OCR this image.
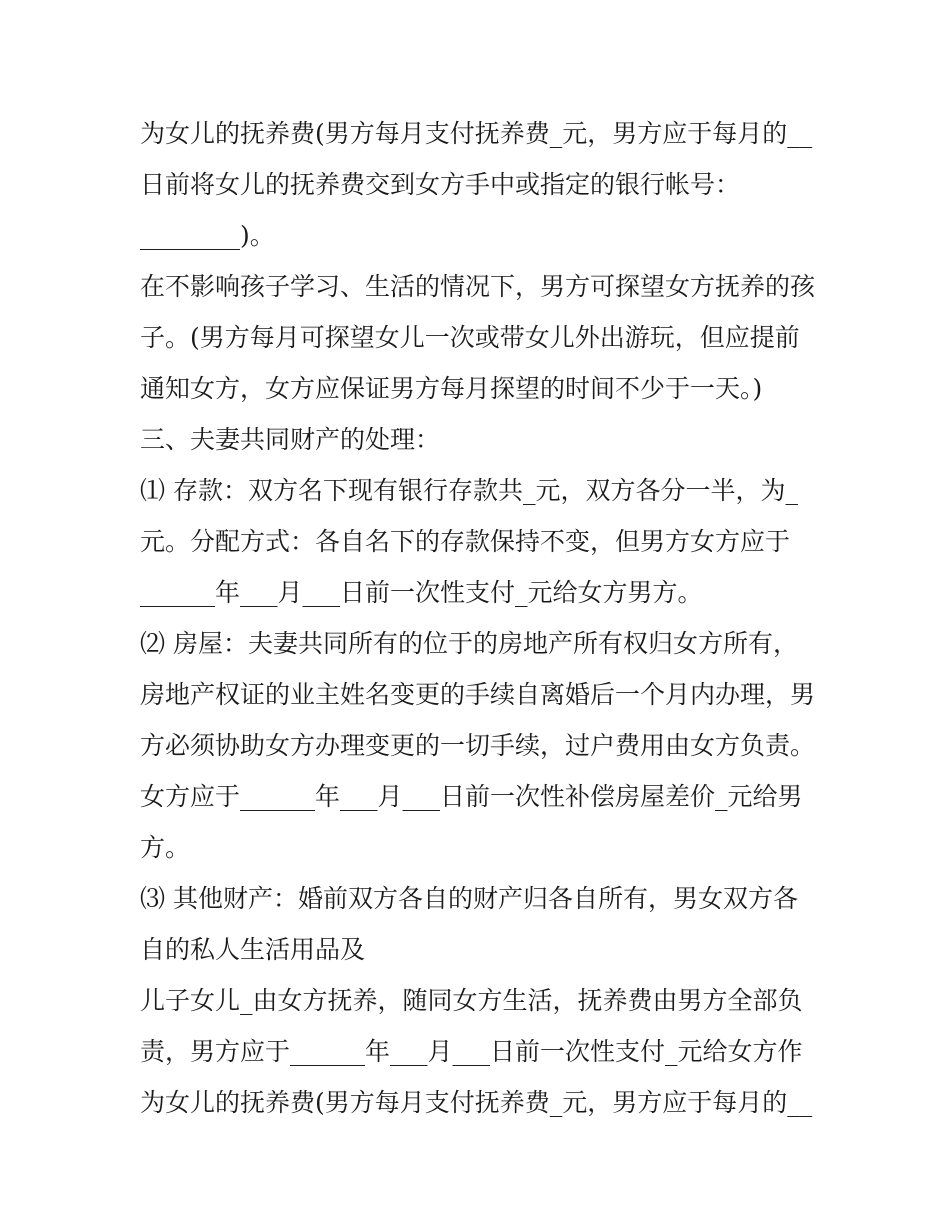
为女儿的抚养费(男方每月支付抚养费_元，男方应于每月的__
日前将女儿的抚养费交到女方手中或指定的银行帐号：
________)。
在不影响孩子学习、生活的情况下，男方可探望女方抚养的孩
子。(男方每月可探望女儿一次或带女儿外出游玩，但应提前
通知女方，女方应保证男方每月探望的时间不少于一天。)
三、夫妻共同财产的处理：
⑴ 存款：双方名下现有银行存款共_元，双方各分一半，为_
元。分配方式：各自名下的存款保持不变，但男方女方应于
______年___月___日前一次性支付_元给女方男方。
⑵ 房屋：夫妻共同所有的位于的房地产所有权归女方所有，
房地产权证的业主姓名变更的手续自离婚后一个月内办理，男
方必须协助女方办理变更的一切手续，过户费用由女方负责。
女方应于______年___月___日前一次性补偿房屋差价_元给男
方。
⑶ 其他财产：婚前双方各自的财产归各自所有，男女双方各
自的私人生活用品及
儿子女儿_由女方抚养，随同女方生活，抚养费由男方全部负
责，男方应于______年___月___日前一次性支付_元给女方作
为女儿的抚养费(男方每月支付抚养费_元，男方应于每月的__
